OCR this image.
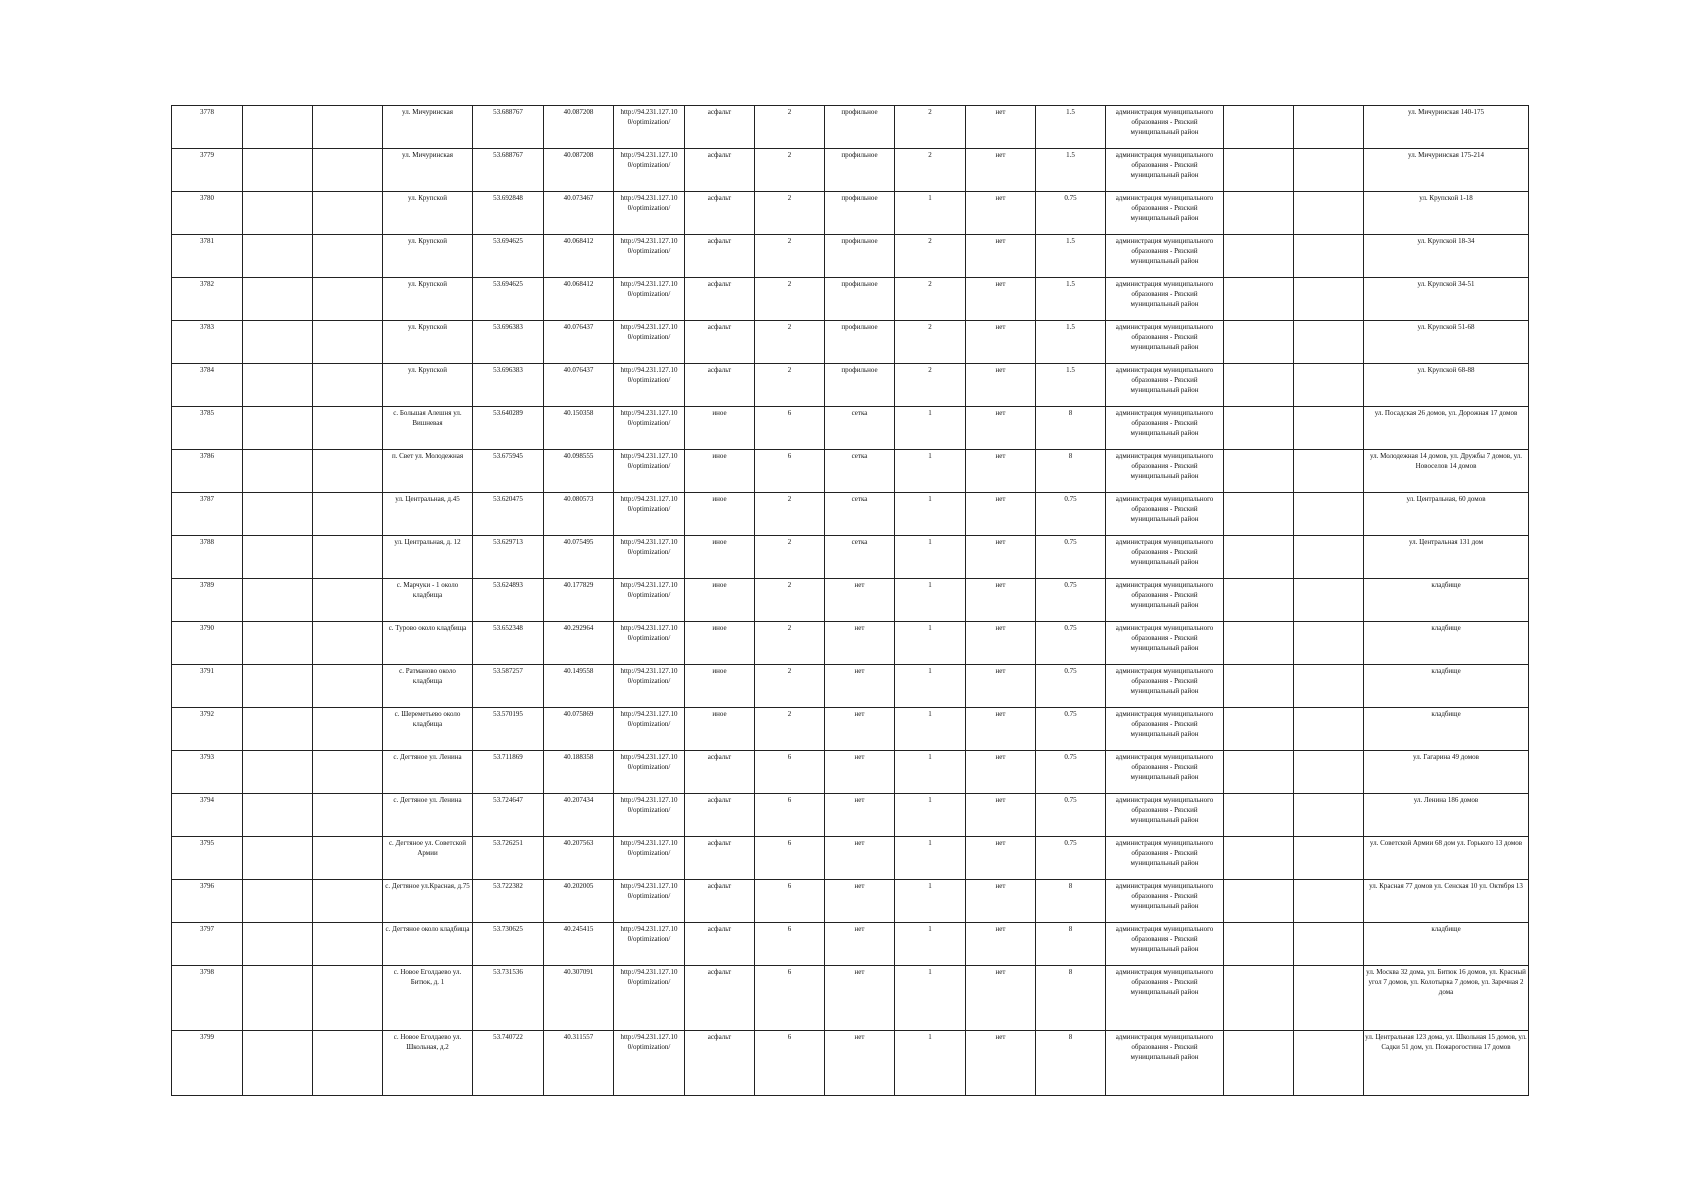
3778			ул. Мичуринская	53.688767	40.087208	http://94.231.127.10 0/optimization/	асфальт	2	профильное	2	нет	1.5	администрация муниципального образования - Рязский муниципальный район			ул. Мичуринская 140-175
3779			ул. Мичуринская	53.688767	40.087208	http://94.231.127.10 0/optimization/	асфальт	2	профильное	2	нет	1.5	администрация муниципального образования - Рязский муниципальный район			ул. Мичуринская 175-214
3780			ул. Крупской	53.692848	40.073467	http://94.231.127.10 0/optimization/	асфальт	2	профильное	1	нет	0.75	администрация муниципального образования - Рязский муниципальный район			ул. Крупской 1-18
3781			ул. Крупской	53.694625	40.068412	http://94.231.127.10 0/optimization/	асфальт	2	профильное	2	нет	1.5	администрация муниципального образования - Рязский муниципальный район			ул. Крупской 18-34
3782			ул. Крупской	53.694625	40.068412	http://94.231.127.10 0/optimization/	асфальт	2	профильное	2	нет	1.5	администрация муниципального образования - Рязский муниципальный район			ул. Крупской 34-51
3783			ул. Крупской	53.696383	40.076437	http://94.231.127.10 0/optimization/	асфальт	2	профильное	2	нет	1.5	администрация муниципального образования - Рязский муниципальный район			ул. Крупской 51-68
3784			ул. Крупской	53.696383	40.076437	http://94.231.127.10 0/optimization/	асфальт	2	профильное	2	нет	1.5	администрация муниципального образования - Рязский муниципальный район			ул. Крупской 68-88
3785			с. Большая Алешня ул. Вишневая	53.640289	40.150358	http://94.231.127.10 0/optimization/	иное	6	сетка	1	нет	8	администрация муниципального образования - Рязский муниципальный район			ул. Посадская 26 домов, ул. Дорожная 17 домов
3786			п. Свет ул. Молодежная	53.675945	40.098555	http://94.231.127.10 0/optimization/	иное	6	сетка	1	нет	8	администрация муниципального образования - Рязский муниципальный район			ул. Молодежная 14 домов, ул. Дружбы 7 домов, ул. Новоселов 14 домов
3787			ул. Центральная, д.45	53.620475	40.080573	http://94.231.127.10 0/optimization/	иное	2	сетка	1	нет	0.75	администрация муниципального образования - Рязский муниципальный район			ул. Центральная, 60 домов
3788			ул. Центральная, д. 12	53.629713	40.075495	http://94.231.127.10 0/optimization/	иное	2	сетка	1	нет	0.75	администрация муниципального образования - Рязский муниципальный район			ул. Центральная 131 дом
3789			с. Марчуки - 1 около кладбища	53.624893	40.177829	http://94.231.127.10 0/optimization/	иное	2	нет	1	нет	0.75	администрация муниципального образования - Рязский муниципальный район			кладбище
3790			с. Турово около кладбища	53.652348	40.292964	http://94.231.127.10 0/optimization/	иное	2	нет	1	нет	0.75	администрация муниципального образования - Рязский муниципальный район			кладбище
3791			с. Ратманово около кладбища	53.587257	40.149558	http://94.231.127.10 0/optimization/	иное	2	нет	1	нет	0.75	администрация муниципального образования - Рязский муниципальный район			кладбище
3792			с. Шереметьево около кладбища	53.570195	40.075869	http://94.231.127.10 0/optimization/	иное	2	нет	1	нет	0.75	администрация муниципального образования - Рязский муниципальный район			кладбище
3793			с. Дегтяное ул. Ленина	53.711869	40.188358	http://94.231.127.10 0/optimization/	асфальт	6	нет	1	нет	0.75	администрация муниципального образования - Рязский муниципальный район			ул. Гагарина 49 домов
3794			с. Дегтяное ул. Ленина	53.724647	40.207434	http://94.231.127.10 0/optimization/	асфальт	6	нет	1	нет	0.75	администрация муниципального образования - Рязский муниципальный район			ул. Ленина 186 домов
3795			с. Дегтяное ул. Советской Армии	53.726251	40.207563	http://94.231.127.10 0/optimization/	асфальт	6	нет	1	нет	0.75	администрация муниципального образования - Рязский муниципальный район			ул. Советской Армии 68 дом ул. Горького 13 домов
3796			с. Дегтяное ул.Красная, д.75	53.722382	40.202005	http://94.231.127.10 0/optimization/	асфальт	6	нет	1	нет	8	администрация муниципального образования - Рязский муниципальный район			ул. Красная 77 домов ул. Сенская 10 ул. Октября 13
3797			с. Дегтяное около кладбища	53.730625	40.245415	http://94.231.127.10 0/optimization/	асфальт	6	нет	1	нет	8	администрация муниципального образования - Рязский муниципальный район			кладбище
3798			с. Новое Еголдаево ул. Битюк, д. 1	53.731536	40.307091	http://94.231.127.10 0/optimization/	асфальт	6	нет	1	нет	8	администрация муниципального образования - Рязский муниципальный район			ул. Москва 32 дома, ул. Битюк 16 домов, ул. Красный угол 7 домов, ул. Колотырка 7 домов, ул. Заречная 2 дома
3799			с. Новое Еголдаево ул. Школьная, д.2	53.740722	40.311557	http://94.231.127.10 0/optimization/	асфальт	6	нет	1	нет	8	администрация муниципального образования - Рязский муниципальный район			ул. Центральная 123 дома, ул. Школьная 15 домов, ул. Садки 51 дом, ул. Пожарогостина 17 домов
